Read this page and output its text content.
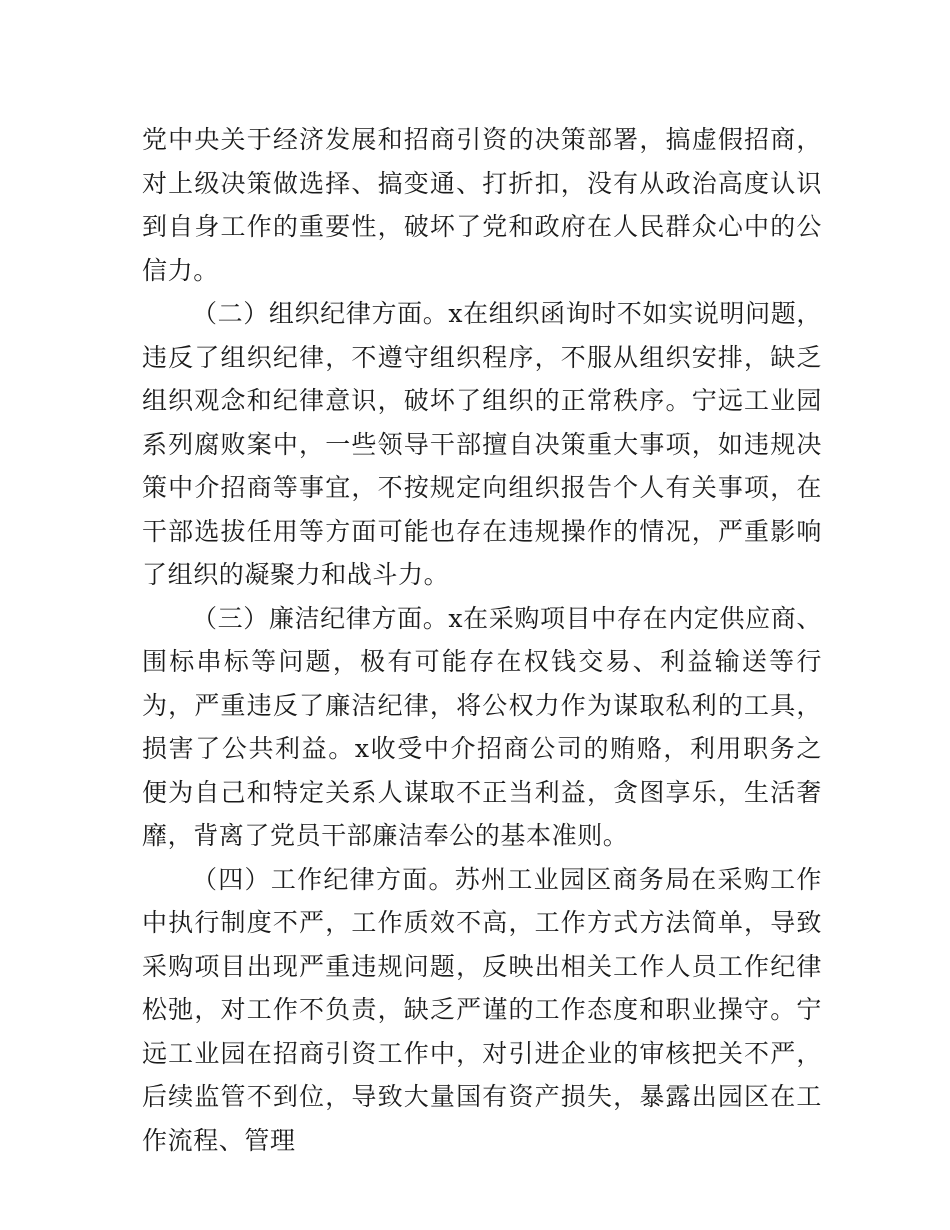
党中央关于经济发展和招商引资的决策部署，搞虚假招商，对上级决策做选择、搞变通、打折扣，没有从政治高度认识到自身工作的重要性，破坏了党和政府在人民群众心中的公信力。

（二）组织纪律方面。x在组织函询时不如实说明问题，违反了组织纪律，不遵守组织程序，不服从组织安排，缺乏组织观念和纪律意识，破坏了组织的正常秩序。宁远工业园系列腐败案中，一些领导干部擅自决策重大事项，如违规决策中介招商等事宜，不按规定向组织报告个人有关事项，在干部选拔任用等方面可能也存在违规操作的情况，严重影响了组织的凝聚力和战斗力。

（三）廉洁纪律方面。x在采购项目中存在内定供应商、围标串标等问题，极有可能存在权钱交易、利益输送等行为，严重违反了廉洁纪律，将公权力作为谋取私利的工具，损害了公共利益。x收受中介招商公司的贿赂，利用职务之便为自己和特定关系人谋取不正当利益，贪图享乐，生活奢靡，背离了党员干部廉洁奉公的基本准则。

（四）工作纪律方面。苏州工业园区商务局在采购工作中执行制度不严，工作质效不高，工作方式方法简单，导致采购项目出现严重违规问题，反映出相关工作人员工作纪律松弛，对工作不负责，缺乏严谨的工作态度和职业操守。宁远工业园在招商引资工作中，对引进企业的审核把关不严，后续监管不到位，导致大量国有资产损失，暴露出园区在工作流程、管理
